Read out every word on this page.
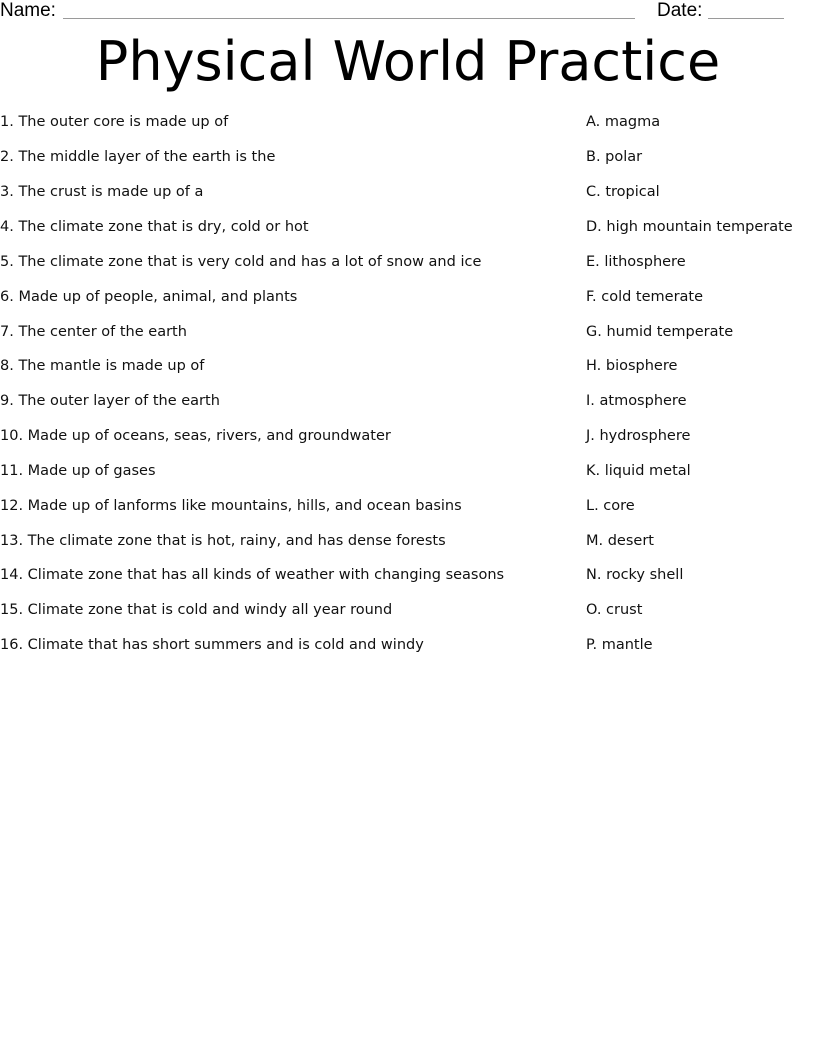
Name:	Date:
Physical World Practice
1. The outer core is made up of
2. The middle layer of the earth is the
3. The crust is made up of a
4. The climate zone that is dry, cold or hot
5. The climate zone that is very cold and has a lot of snow and ice
6. Made up of people, animal, and plants
7. The center of the earth
8. The mantle is made up of
9. The outer layer of the earth
10. Made up of oceans, seas, rivers, and groundwater
11. Made up of gases
12. Made up of lanforms like mountains, hills, and ocean basins
13. The climate zone that is hot, rainy, and has dense forests
14. Climate zone that has all kinds of weather with changing seasons
15. Climate zone that is cold and windy all year round
16. Climate that has short summers and is cold and windy
A. magma
B. polar
C. tropical
D. high mountain temperate
E. lithosphere
F. cold temerate
G. humid temperate
H. biosphere
I. atmosphere
J. hydrosphere
K. liquid metal
L. core
M. desert
N. rocky shell
O. crust
P. mantle
